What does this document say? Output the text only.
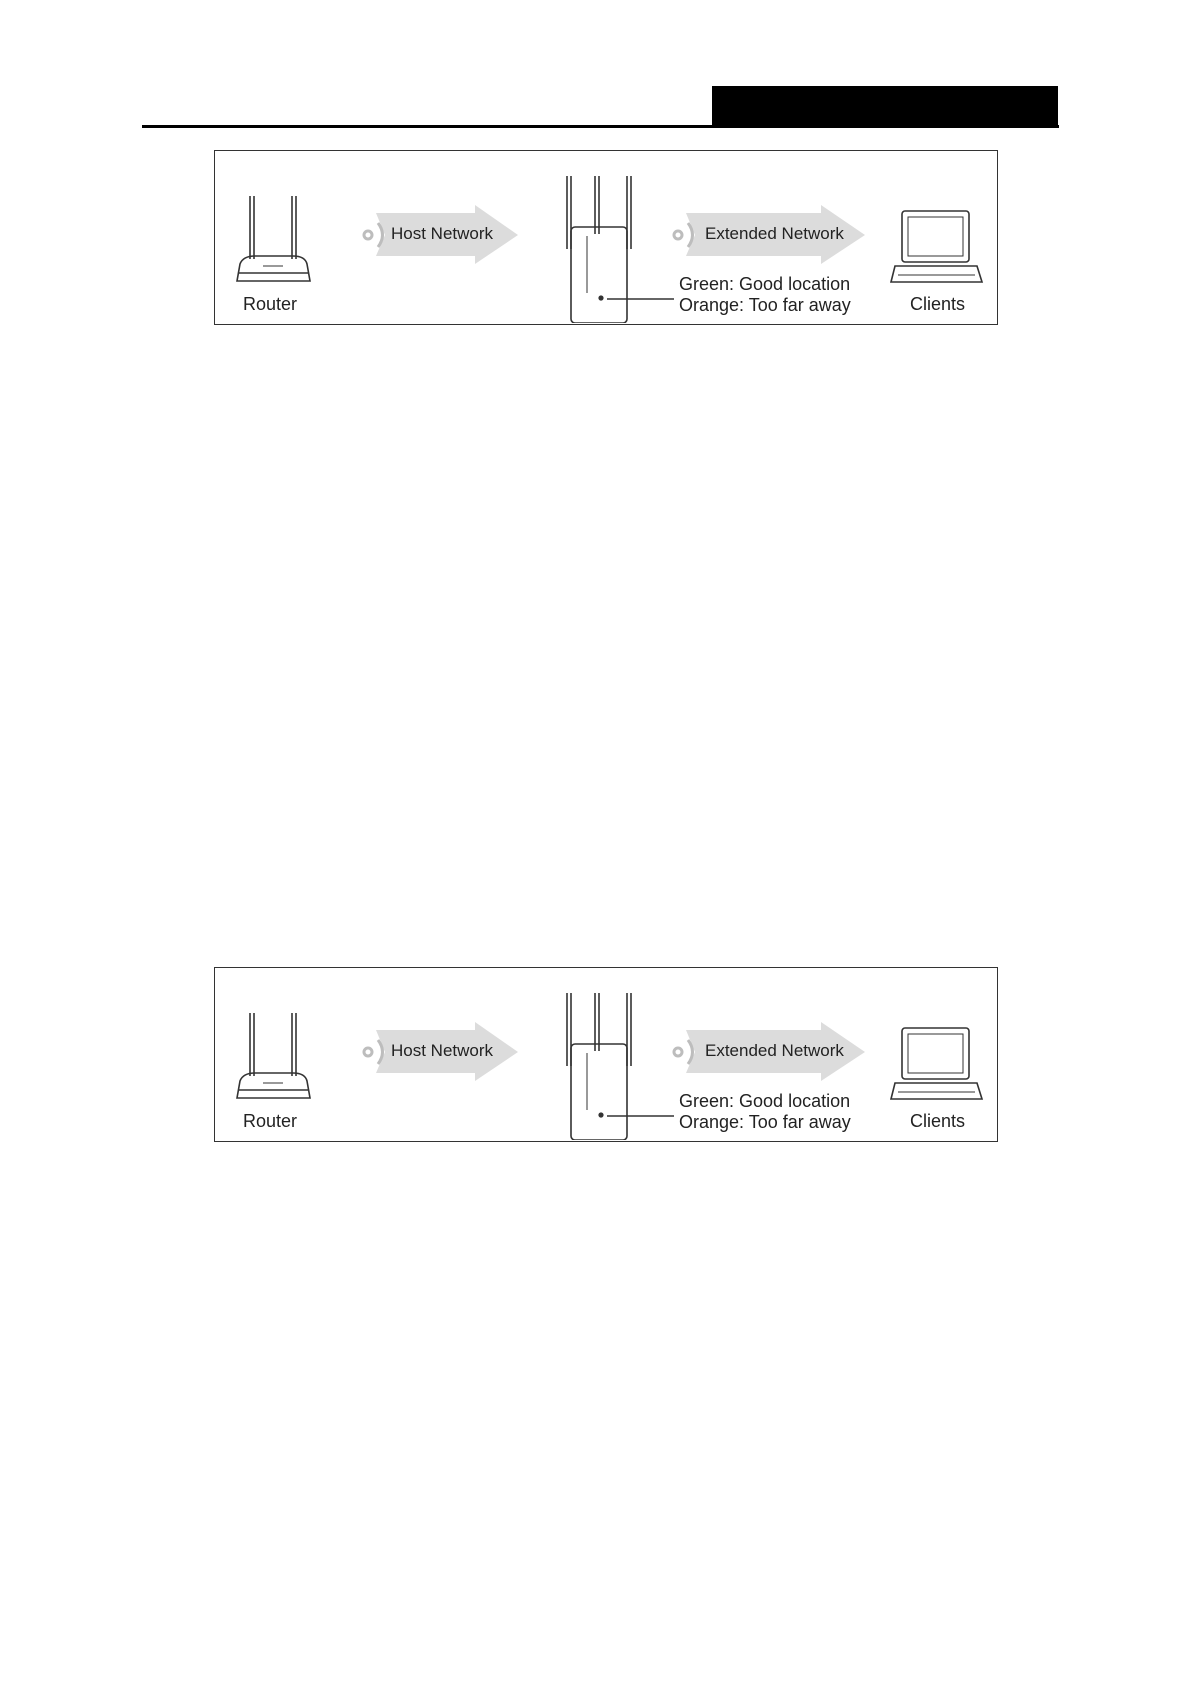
Router
Host Network	Extended Network
Green: Good location
Orange: Too far away	Clients
Router
Host Network	Extended Network
Green: Good location
Orange: Too far away	Clients
